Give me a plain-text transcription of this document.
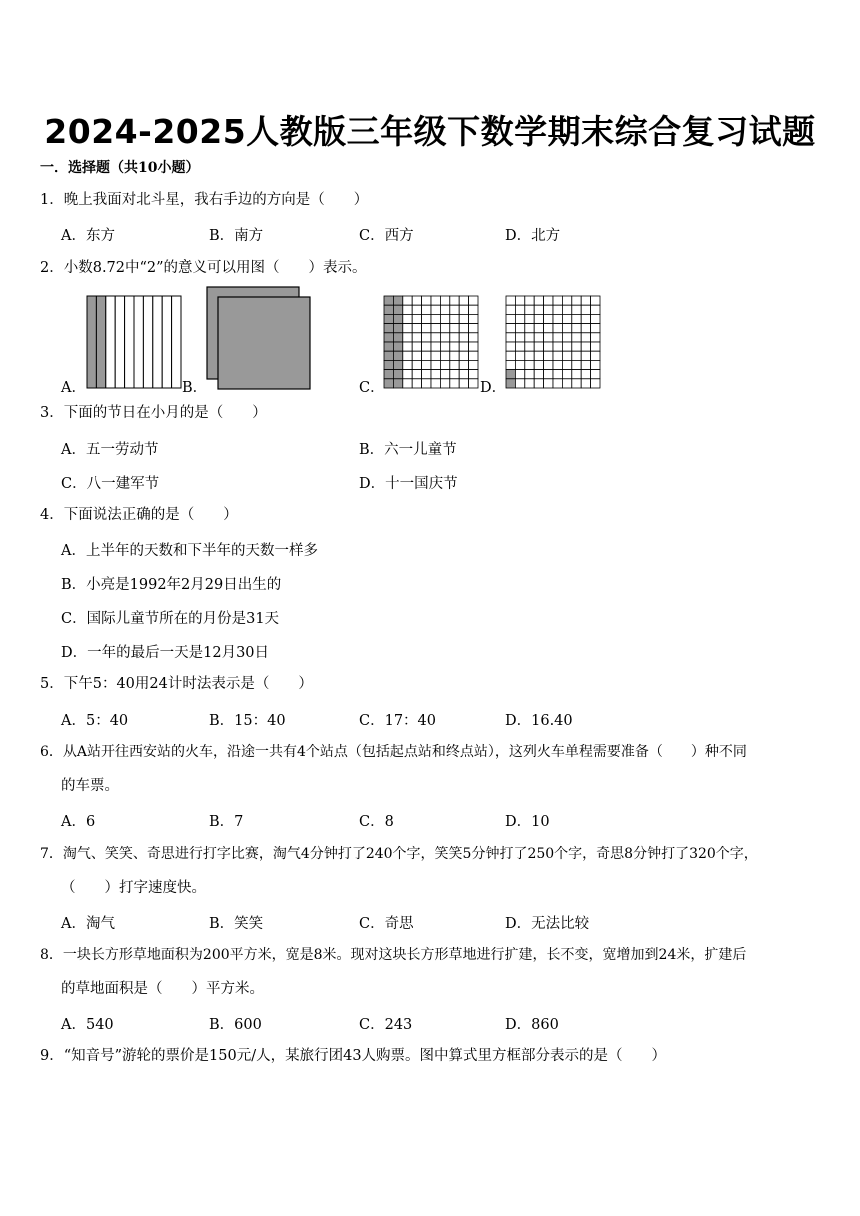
2024-2025人教版三年级下数学期末综合复习试题
一．选择题（共10小题）
1．晚上我面对北斗星，我右手边的方向是（　　）
A．东方	B．南方	C．西方	D．北方
2．小数8.72中“2”的意义可以用图（　　）表示。
A．	B．	C．	D．
3．下面的节日在小月的是（　　）
A．五一劳动节	B．六一儿童节
C．八一建军节	D．十一国庆节
4．下面说法正确的是（　　）
A．上半年的天数和下半年的天数一样多
B．小亮是1992年2月29日出生的
C．国际儿童节所在的月份是31天
D．一年的最后一天是12月30日
5．下午5：40用24计时法表示是（　　）
A．5：40	B．15：40	C．17：40	D．16.40
6．从A站开往西安站的火车，沿途一共有4个站点（包括起点站和终点站），这列火车单程需要准备（　　）种不同
的车票。
A．6	B．7	C．8	D．10
7．淘气、笑笑、奇思进行打字比赛，淘气4分钟打了240个字，笑笑5分钟打了250个字，奇思8分钟打了320个字，
（　　）打字速度快。
A．淘气	B．笑笑	C．奇思	D．无法比较
8．一块长方形草地面积为200平方米，宽是8米。现对这块长方形草地进行扩建，长不变，宽增加到24米，扩建后
的草地面积是（　　）平方米。
A．540	B．600	C．243	D．860
9．“知音号”游轮的票价是150元/人，某旅行团43人购票。图中算式里方框部分表示的是（　　）
